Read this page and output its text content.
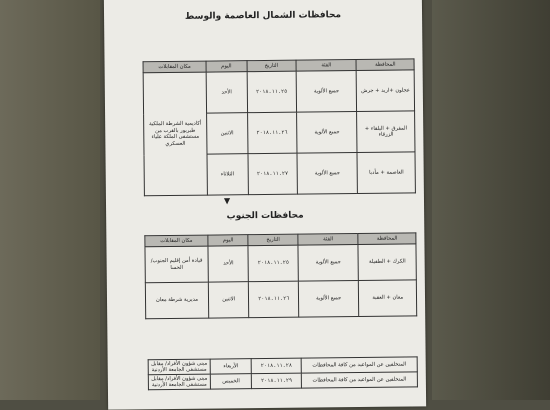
محافظات الشمال العاصمة والوسط
المحافظة	الفئة	التاريخ	اليوم	مكان المقابلات
عجلون +اربد + جرش	جميع الألوية	٢٠١٨.١١.٢٥	الأحد	أكاديمية الشرطة الملكية طبربور بالقرب من مستشفى الملكة علياء العسكري
المفرق + البلقاء + الزرقاء	جميع الألوية	٢٠١٨.١١.٢٦	الاثنين	
العاصمة + مأدبا	جميع الألوية	٢٠١٨.١١.٢٧	الثلاثاء	
▼
محافظات الجنوب
المحافظة	الفئة	التاريخ	اليوم	مكان المقابلات
الكرك + الطفيلة	جميع الألوية	٢٠١٨.١١.٢٥	الأحد	قيادة أمن إقليم الجنوب/الحسا
معان + العقبة	جميع الألوية	٢٠١٨.١١.٢٦	الاثنين	مديرية شرطة معان
المتخلفين عن المواعيد من كافة المحافظات	٢٠١٨.١١.٢٨	الأربعاء	مبنى شؤون الأفراد/ مقابل مستشفى الجامعة الأردنية
المتخلفين عن المواعيد من كافة المحافظات	٢٠١٨.١١.٢٩	الخميس	مبنى شؤون الأفراد/ مقابل مستشفى الجامعة الأردنية
